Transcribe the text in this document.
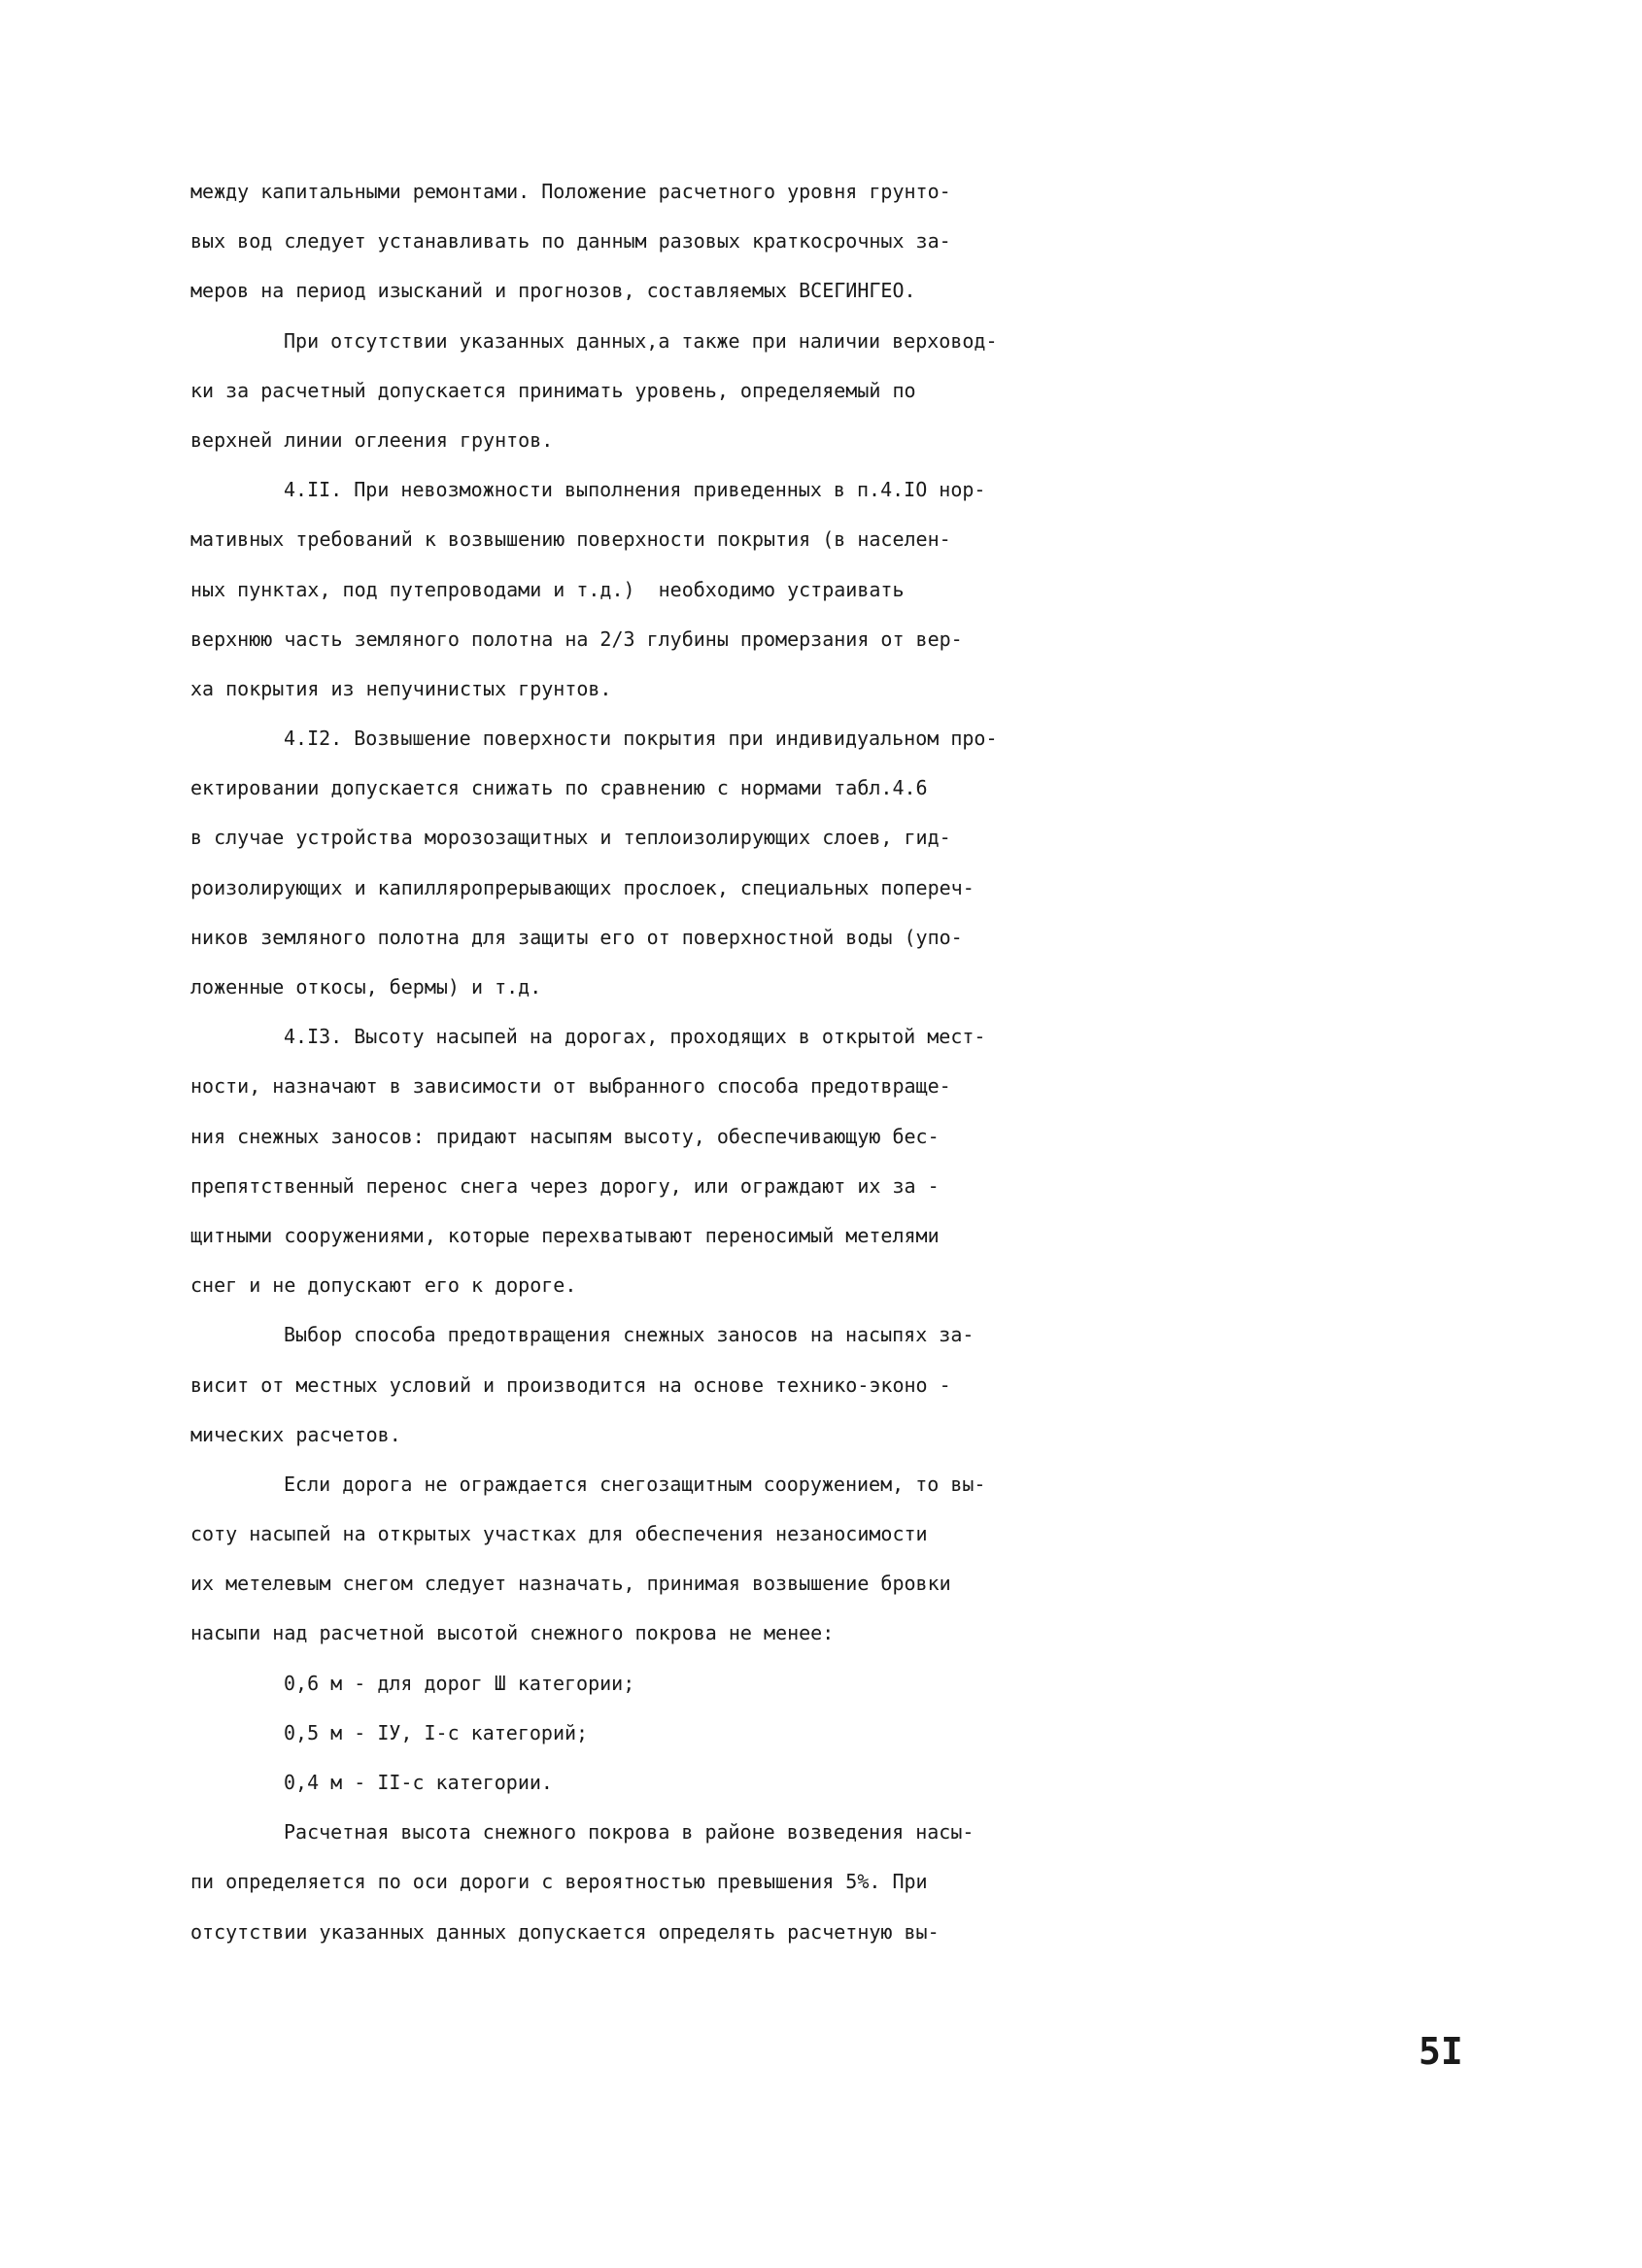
между капитальными ремонтами. Положение расчетного уровня грунто-
вых вод следует устанавливать по данным разовых краткосрочных за-
меров на период изысканий и прогнозов, составляемых ВСЕГИНГЕО.
При отсутствии указанных данных,а также при наличии верховод-
ки за расчетный допускается принимать уровень, определяемый по
верхней линии оглеения грунтов.
4.II. При невозможности выполнения приведенных в п.4.IO нор-
мативных требований к возвышению поверхности покрытия (в населен-
ных пунктах, под путепроводами и т.д.)  необходимо устраивать
верхнюю часть земляного полотна на 2/3 глубины промерзания от вер-
ха покрытия из непучинистых грунтов.
4.I2. Возвышение поверхности покрытия при индивидуальном про-
ектировании допускается снижать по сравнению с нормами табл.4.6
в случае устройства морозозащитных и теплоизолирующих слоев, гид-
роизолирующих и капилляропрерывающих прослоек, специальных попереч-
ников земляного полотна для защиты его от поверхностной воды (упо-
ложенные откосы, бермы) и т.д.
4.I3. Высоту насыпей на дорогах, проходящих в открытой мест-
ности, назначают в зависимости от выбранного способа предотвраще-
ния снежных заносов: придают насыпям высоту, обеспечивающую бес-
препятственный перенос снега через дорогу, или ограждают их за -
щитными сооружениями, которые перехватывают переносимый метелями
снег и не допускают его к дороге.
Выбор способа предотвращения снежных заносов на насыпях за-
висит от местных условий и производится на основе технико-эконо -
мических расчетов.
Если дорога не ограждается снегозащитным сооружением, то вы-
соту насыпей на открытых участках для обеспечения незаносимости
их метелевым снегом следует назначать, принимая возвышение бровки
насыпи над расчетной высотой снежного покрова не менее:
0,6 м - для дорог Ш категории;
0,5 м - IУ, I-с категорий;
0,4 м - II-с категории.
Расчетная высота снежного покрова в районе возведения насы-
пи определяется по оси дороги с вероятностью превышения 5%. При
отсутствии указанных данных допускается определять расчетную вы-
5I
